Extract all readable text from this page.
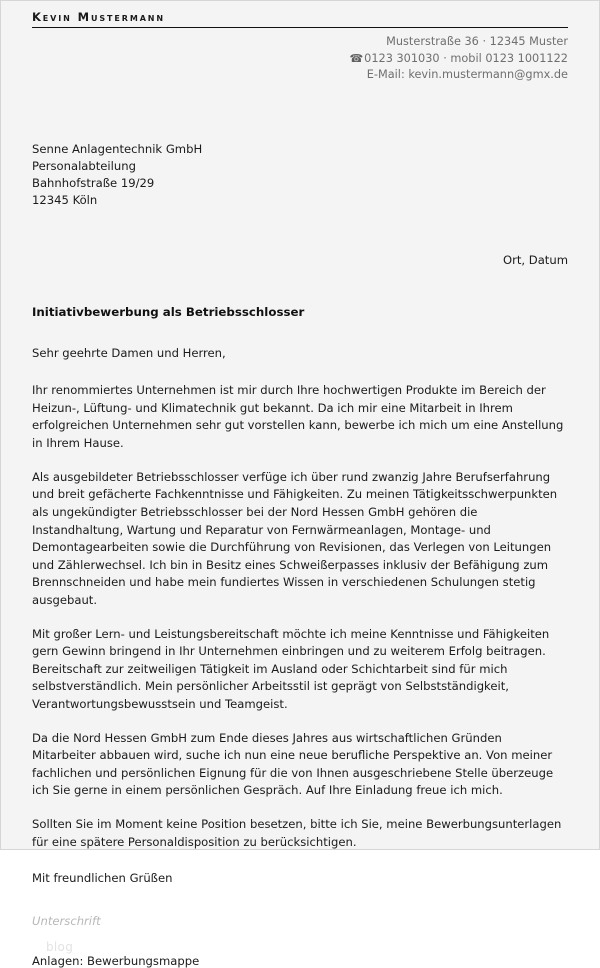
Kevin Mustermann
Musterstraße 36 · 12345 Muster
☎0123 301030 · mobil 0123 1001122
E-Mail: kevin.mustermann@gmx.de
Senne Anlagentechnik GmbH
Personalabteilung
Bahnhofstraße 19/29
12345 Köln
Ort, Datum
Initiativbewerbung als Betriebsschlosser

Sehr geehrte Damen und Herren,

Ihr renommiertes Unternehmen ist mir durch Ihre hochwertigen Produkte im Bereich der Heizun-, Lüftung- und Klimatechnik gut bekannt. Da ich mir eine Mitarbeit in Ihrem erfolgreichen Unternehmen sehr gut vorstellen kann, bewerbe ich mich um eine Anstellung in Ihrem Hause.

Als ausgebildeter Betriebsschlosser verfüge ich über rund zwanzig Jahre Berufserfahrung und breit gefächerte Fachkenntnisse und Fähigkeiten. Zu meinen Tätigkeitsschwerpunkten als ungekündigter Betriebsschlosser bei der Nord Hessen GmbH gehören die Instandhaltung, Wartung und Reparatur von Fernwärmeanlagen, Montage- und Demontagearbeiten sowie die Durchführung von Revisionen, das Verlegen von Leitungen und Zählerwechsel. Ich bin in Besitz eines Schweißerpasses inklusiv der Befähigung zum Brennschneiden und habe mein fundiertes Wissen in verschiedenen Schulungen stetig ausgebaut.

Mit großer Lern- und Leistungsbereitschaft möchte ich meine Kenntnisse und Fähigkeiten gern Gewinn bringend in Ihr Unternehmen einbringen und zu weiterem Erfolg beitragen. Bereitschaft zur zeitweiligen Tätigkeit im Ausland oder Schichtarbeit sind für mich selbstverständlich. Mein persönlicher Arbeitsstil ist geprägt von Selbstständigkeit, Verantwortungsbewusstsein und Teamgeist.

Da die Nord Hessen GmbH zum Ende dieses Jahres aus wirtschaftlichen Gründen Mitarbeiter abbauen wird, suche ich nun eine neue berufliche Perspektive an. Von meiner fachlichen und persönlichen Eignung für die von Ihnen ausgeschriebene Stelle überzeuge ich Sie gerne in einem persönlichen Gespräch. Auf Ihre Einladung freue ich mich.

Sollten Sie im Moment keine Position besetzen, bitte ich Sie, meine Bewerbungsunterlagen für eine spätere Personaldisposition zu berücksichtigen.

Mit freundlichen Grüßen
Unterschrift
blog
Anlagen: Bewerbungsmappe
